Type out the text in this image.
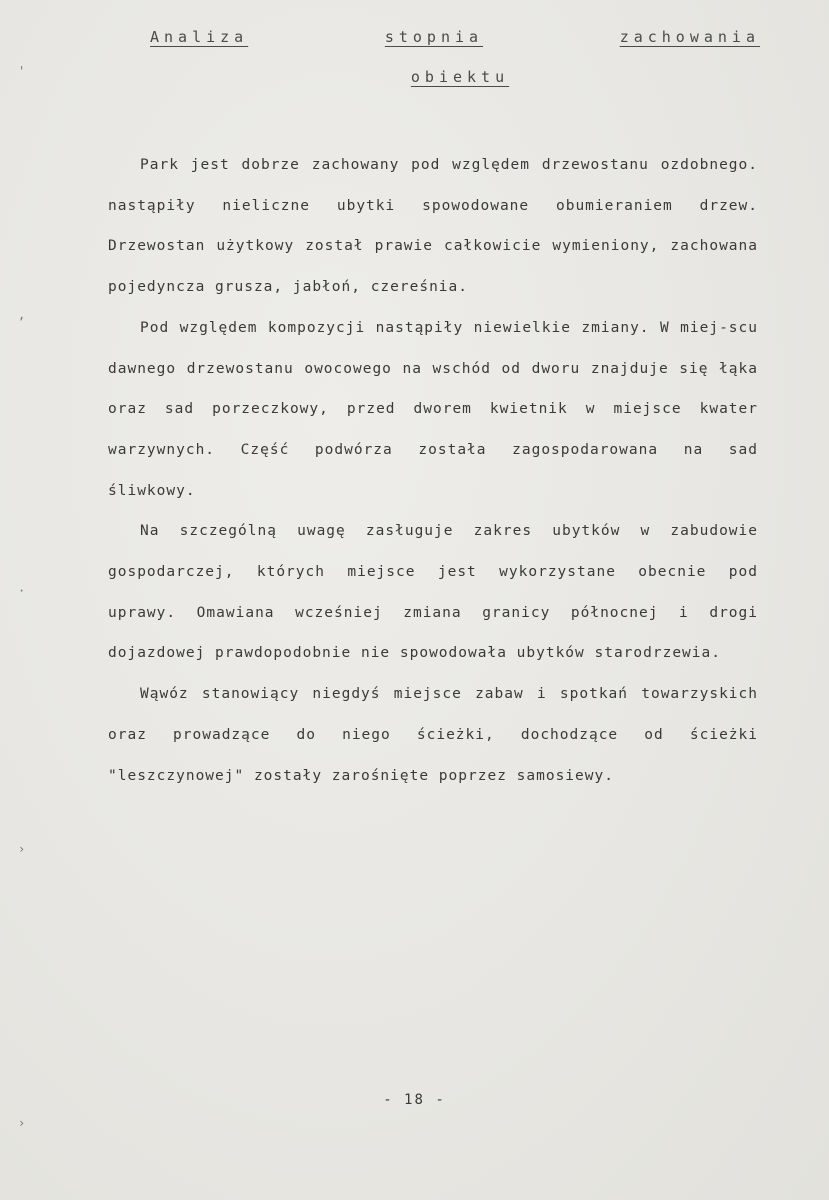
'
,
·
›
›
Analiza	stopnia	zachowania
obiektu

Park jest dobrze zachowany pod względem drzewostanu ozdobnego. nastąpiły nieliczne ubytki spowodowane obumieraniem drzew. Drzewostan użytkowy został prawie całkowicie wymieniony, zachowana pojedyncza grusza, jabłoń, czereśnia.

Pod względem kompozycji nastąpiły niewielkie zmiany. W miej-scu dawnego drzewostanu owocowego na wschód od dworu znajduje się łąka oraz sad porzeczkowy, przed dworem kwietnik w miejsce kwater warzywnych. Część podwórza została zagospodarowana na sad śliwkowy.

Na szczególną uwagę zasługuje zakres ubytków w zabudowie gospodarczej, których miejsce jest wykorzystane obecnie pod uprawy. Omawiana wcześniej zmiana granicy północnej i drogi dojazdowej prawdopodobnie nie spowodowała ubytków starodrzewia.

Wąwóz stanowiący niegdyś miejsce zabaw i spotkań towarzyskich oraz prowadzące do niego ścieżki, dochodzące od ścieżki "leszczynowej" zostały zarośnięte poprzez samosiewy.

- 18 -
